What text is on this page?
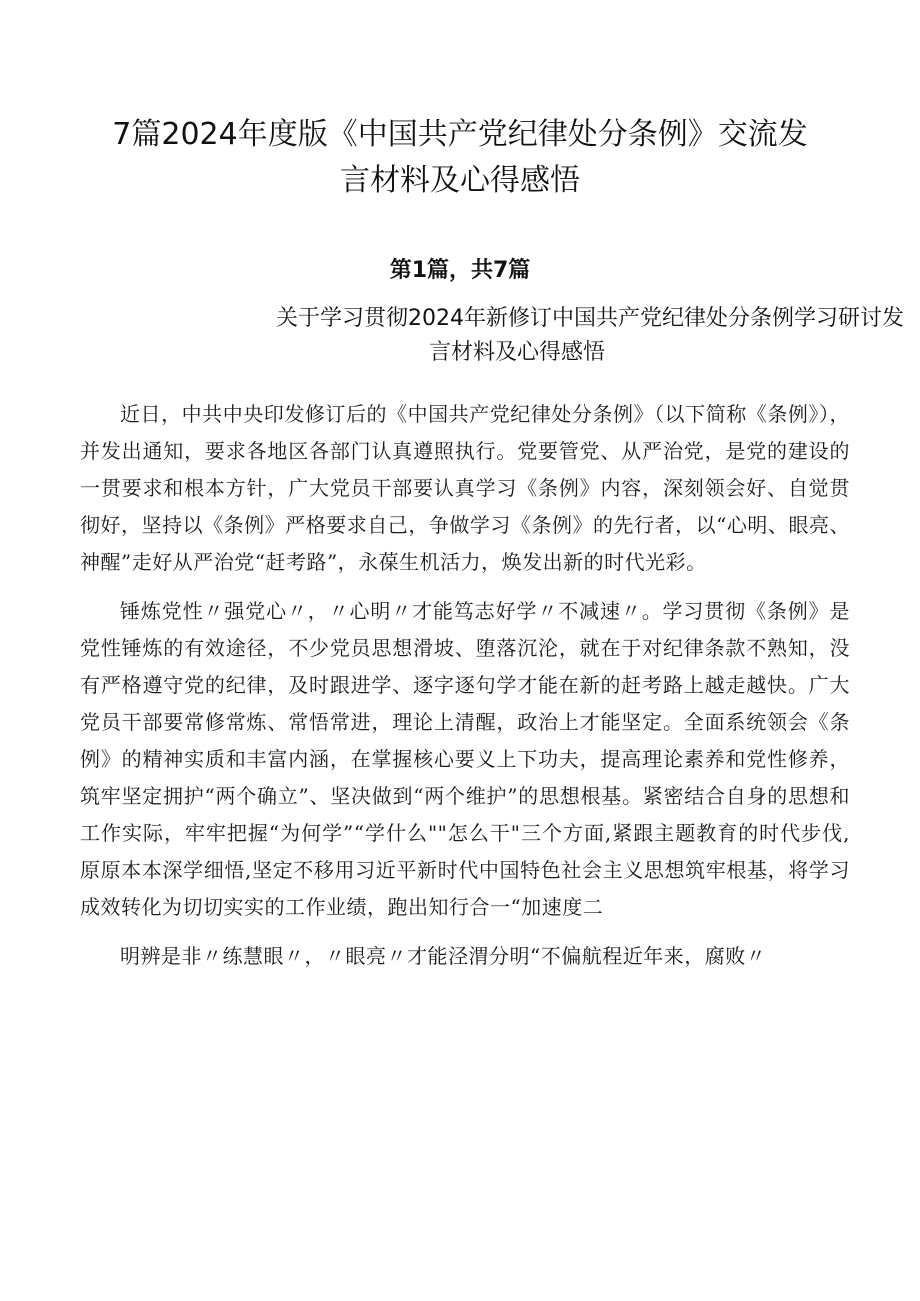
7篇2024年度版《中国共产党纪律处分条例》交流发
言材料及心得感悟
第1篇，共7篇
关于学习贯彻2024年新修订中国共产党纪律处分条例学习研讨发
言材料及心得感悟

近日，中共中央印发修订后的《中国共产党纪律处分条例》（以下简称《条例》），并发出通知，要求各地区各部门认真遵照执行。党要管党、从严治党，是党的建设的一贯要求和根本方针，广大党员干部要认真学习《条例》内容，深刻领会好、自觉贯彻好，坚持以《条例》严格要求自己，争做学习《条例》的先行者，以“心明、眼亮、神醒”走好从严治党“赶考路”，永葆生机活力，焕发出新的时代光彩。

锤炼党性〃强党心〃，〃心明〃才能笃志好学〃不减速〃。学习贯彻《条例》是党性锤炼的有效途径，不少党员思想滑坡、堕落沉沦，就在于对纪律条款不熟知，没有严格遵守党的纪律，及时跟进学、逐字逐句学才能在新的赶考路上越走越快。广大党员干部要常修常炼、常悟常进，理论上清醒，政治上才能坚定。全面系统领会《条例》的精神实质和丰富内涵，在掌握核心要义上下功夫，提高理论素养和党性修养，筑牢坚定拥护“两个确立”、坚决做到“两个维护”的思想根基。紧密结合自身的思想和工作实际，牢牢把握“为何学”“学什么""怎么干"三个方面,紧跟主题教育的时代步伐,原原本本深学细悟,坚定不移用习近平新时代中国特色社会主义思想筑牢根基，将学习成效转化为切切实实的工作业绩，跑出知行合一“加速度二

明辨是非〃练慧眼〃，〃眼亮〃才能泾渭分明“不偏航程近年来，腐败〃
